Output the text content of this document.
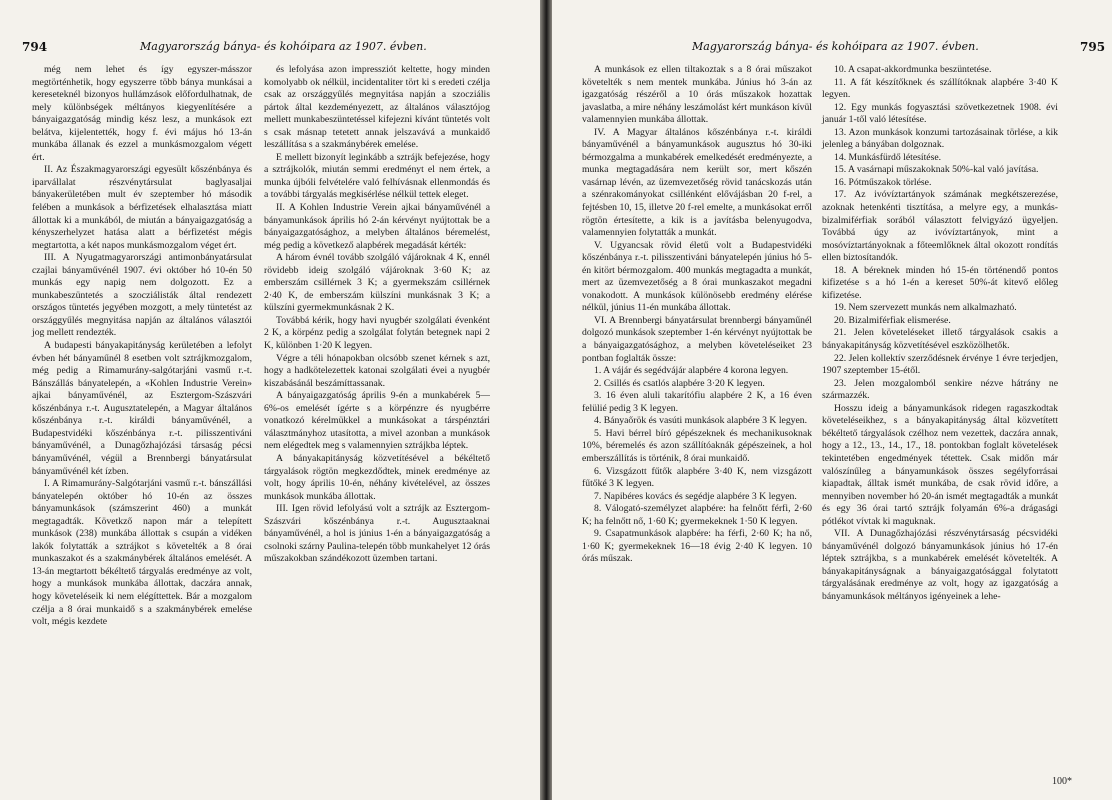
794	Magyarország bánya- és kohóipara az 1907. évben.

még nem lehet és így egyszer-másszor megtörténhetik, hogy egyszerre több bánya munkásai a kereseteknél bizonyos hullámzások előfordulhatnak, de mely különbségek méltányos kiegyenlítésére a bányaigazgatóság mindig kész lesz, a munkások ezt belátva, kijelentették, hogy f. évi május hó 13-án munkába állanak és ezzel a munkásmozgalom végett ért.

II. Az Északmagyarországi egyesült kőszénbánya és iparvállalat részvénytársulat baglyasaljai bányakerületében mult év szeptember hó második felében a munkások a bérfizetések elhalasztása miatt állottak ki a munkából, de miután a bányaigazgatóság a kényszerhelyzet hatása alatt a bérfizetést mégis megtartotta, a két napos munkásmozgalom véget ért.

III. A Nyugatmagyarországi antimonbányatársulat czajlai bányaművénél 1907. évi október hó 10-én 50 munkás egy napig nem dolgozott. Ez a munkabeszüntetés a szocziálisták által rendezett országos tüntetés jegyében mozgott, a mely tüntetést az országgyűlés megnyitása napján az általános választói jog mellett rendezték.

A budapesti bányakapitányság kerületében a lefolyt évben hét bányaműnél 8 esetben volt sztrájkmozgalom, még pedig a Rimamurány-salgótarjáni vasmű r.-t. Bánszállás bányatelepén, a «Kohlen Industrie Verein» ajkai bányaművénél, az Esztergom-Szászvári kőszénbánya r.-t. Augusztatelepén, a Magyar általános kőszénbánya r.-t. királdi bányaművénél, a Budapestvidéki kőszénbánya r.-t. pilisszentiváni bányaművénél, a Dunagőzhajózási társaság pécsi bányaművénél, végül a Brennbergi bányatársulat bányaművénél két ízben.

I. A Rimamurány-Salgótarjáni vasmű r.-t. bánszállási bányatelepén október hó 10-én az összes bányamunkások (számszerint 460) a munkát megtagadták. Követkző napon már a telepített munkások (238) munkába állottak s csupán a vidéken lakók folytatták a sztrájkot s követelték a 8 órai munkaszakot és a szakmánybérek általános emelését. A 13-án megtartott békéltető tárgyalás eredménye az volt, hogy a munkások munkába állottak, daczára annak, hogy követeléseik ki nem elégíttettek. Bár a mozgalom czélja a 8 órai munkaidő s a szakmánybérek emelése volt, mégis kezdete

és lefolyása azon impressziót keltette, hogy minden komolyabb ok nélkül, incidentaliter tört ki s eredeti czélja csak az országgyűlés megnyitása napján a szocziális pártok által kezdeményezett, az általános választójog mellett munkabeszüntetéssel kifejezni kívánt tüntetés volt s csak másnap tetetett annak jelszavává a munkaidő leszállítása s a szakmánybérek emelése.

E mellett bizonyít leginkább a sztrájk befejezése, hogy a sztrájkolók, miután semmi eredményt el nem értek, a munka újbóli felvételére való felhívásnak ellenmondás és a további tárgyalás megkisérlése nélkül tettek eleget.

II. A Kohlen Industrie Verein ajkai bányaművénél a bányamunkások április hó 2-án kérvényt nyújtottak be a bányaigazgatósághoz, a melyben általános béremelést, még pedig a következő alapbérek megadását kérték:

A három évnél tovább szolgáló vájároknak 4 K, ennél rövidebb ideig szolgáló vájároknak 3·60 K; az emberszám csillérnek 3 K; a gyermekszám csillérnek 2·40 K, de emberszám külszíni munkásnak 3 K; a külszíni gyermekmunkásnak 2 K.

Továbbá kérik, hogy havi nyugbér szolgálati évenként 2 K, a körpénz pedig a szolgálat folytán betegnek napi 2 K, különben 1·20 K legyen.

Végre a téli hónapokban olcsóbb szenet kérnek s azt, hogy a hadkötelezettek katonai szolgálati évei a nyugbér kiszabásánál beszámíttassanak.

A bányaigazgatóság április 9-én a munkabérek 5—6%-os emelését ígérte s a körpénzre és nyugbérre vonatkozó kérelmükkel a munkásokat a társpénztári választmányhoz utasította, a mivel azonban a munkások nem elégedtek meg s valamennyien sztrájkba léptek.

A bányakapitányság közvetítésével a békéltető tárgyalások rögtön megkezdődtek, minek eredménye az volt, hogy április 10-én, néhány kivételével, az összes munkások munkába állottak.

III. Igen rövid lefolyású volt a sztrájk az Esztergom-Szászvári kőszénbánya r.-t. Augusztaaknai bányaművénél, a hol is június 1-én a bányaigazgatóság a csolnoki szárny Paulina-telepén több munkahelyet 12 órás műszakokban szándékozott üzemben tartani.

Magyarország bánya- és kohóipara az 1907. évben.	795

A munkások ez ellen tiltakoztak s a 8 órai műszakot követelték s nem mentek munkába. Június hó 3-án az igazgatóság részéről a 10 órás műszakok hozattak javaslatba, a mire néhány leszámolást kért munkáson kívül valamennyien munkába állottak.

IV. A Magyar általános kőszénbánya r.-t. királdi bányaművénél a bányamunkások augusztus hó 30-iki bérmozgalma a munkabérek emelkedését eredményezte, a munka megtagadására nem került sor, mert kőszén vasárnap lévén, az üzemvezetőség rövid tanácskozás után a szénrakományokat csillénként elővájásban 20 f-rel, a fejtésben 10, 15, illetve 20 f-rel emelte, a munkásokat erről rögtön értesítette, a kik is a javításba belenyugodva, valamennyien folytatták a munkát.

V. Ugyancsak rövid életű volt a Budapestvidéki kőszénbánya r.-t. pilisszentiváni bányatelepén június hó 5-én kitört bérmozgalom. 400 munkás megtagadta a munkát, mert az üzemvezetőség a 8 órai munkaszakot megadni vonakodott. A munkások különösebb eredmény elérése nélkül, június 11-én munkába állottak.

VI. A Brennbergi bányatársulat brennbergi bányaműnél dolgozó munkások szeptember 1-én kérvényt nyújtottak be a bányaigazgatósághoz, a melyben követeléseiket 23 pontban foglalták össze:

1. A vájár és segédvájár alapbére 4 korona legyen.

2. Csillés és csatlós alapbére 3·20 K legyen.

3. 16 éven aluli takarítófiu alapbére 2 K, a 16 éven felülié pedig 3 K legyen.

4. Bányaőrök és vasúti munkások alapbére 3 K legyen.

5. Havi bérrel bíró gépészeknek és mechanikusoknak 10%, béremelés és azon szállítóaknák gépészeinek, a hol emberszállítás is történik, 8 órai munkaidő.

6. Vizsgázott fűtők alapbére 3·40 K, nem vizsgázott fűtőké 3 K legyen.

7. Napibéres kovács és segédje alapbére 3 K legyen.

8. Válogató-személyzet alapbére: ha felnőtt férfi, 2·60 K; ha felnőtt nő, 1·60 K; gyermekeknek 1·50 K legyen.

9. Csapatmunkások alapbére: ha férfi, 2·60 K; ha nő, 1·60 K; gyermekeknek 16—18 évig 2·40 K legyen. 10 órás műszak.

10. A csapat-akkordmunka beszüntetése.

11. A fát készítőknek és szállítóknak alapbére 3·40 K legyen.

12. Egy munkás fogyasztási szövetkezetnek 1908. évi január 1-től való létesítése.

13. Azon munkások konzumi tartozásainak törlése, a kik jelenleg a bányában dolgoznak.

14. Munkásfürdő létesítése.

15. A vasárnapi műszakoknak 50%-kal való javítása.

16. Pótműszakok törlése.

17. Az ivóvíztartányok számának megkétszerezése, azoknak hetenkénti tisztítása, a melyre egy, a munkás-bizalmiférfiak sorából választott felvigyázó ügyeljen. Továbbá úgy az ivóvíztartányok, mint a mosóvíztartányoknak a főteemlőknek által okozott rondítás ellen biztosítandók.

18. A béreknek minden hó 15-én történendő pontos kifizetése s a hó 1-én a kereset 50%-át kitevő előleg kifizetése.

19. Nem szervezett munkás nem alkalmazható.

20. Bizalmiférfiak elismerése.

21. Jelen követeléseket illető tárgyalások csakis a bányakapitányság közvetítésével eszközölhetők.

22. Jelen kollektív szerződésnek érvénye 1 évre terjedjen, 1907 szeptember 15-étől.

23. Jelen mozgalomból senkire nézve hátrány ne származzék.

Hosszu ideig a bányamunkások ridegen ragaszkodtak követeléseikhez, s a bányakapitányság által közvetített békéltető tárgyalások czélhoz nem vezettek, daczára annak, hogy a 12., 13., 14., 17., 18. pontokban foglalt követelések tekintetében engedmények tétettek. Csak midőn már valószínűleg a bányamunkások összes segélyforrásai kiapadtak, álltak ismét munkába, de csak rövid időre, a mennyiben november hó 20-án ismét megtagadták a munkát és egy 36 órai tartó sztrájk folyamán 6%-a drágasági pótlékot vívtak ki maguknak.

VII. A Dunagőzhajózási részvénytársaság pécsvidéki bányaművénél dolgozó bányamunkások június hó 17-én léptek sztrájkba, s a munkabérek emelését követelték. A bányakapitányságnak a bányaigazgatósággal folytatott tárgyalásának eredménye az volt, hogy az igazgatóság a bányamunkások méltányos igényeinek a lehe-

100*
